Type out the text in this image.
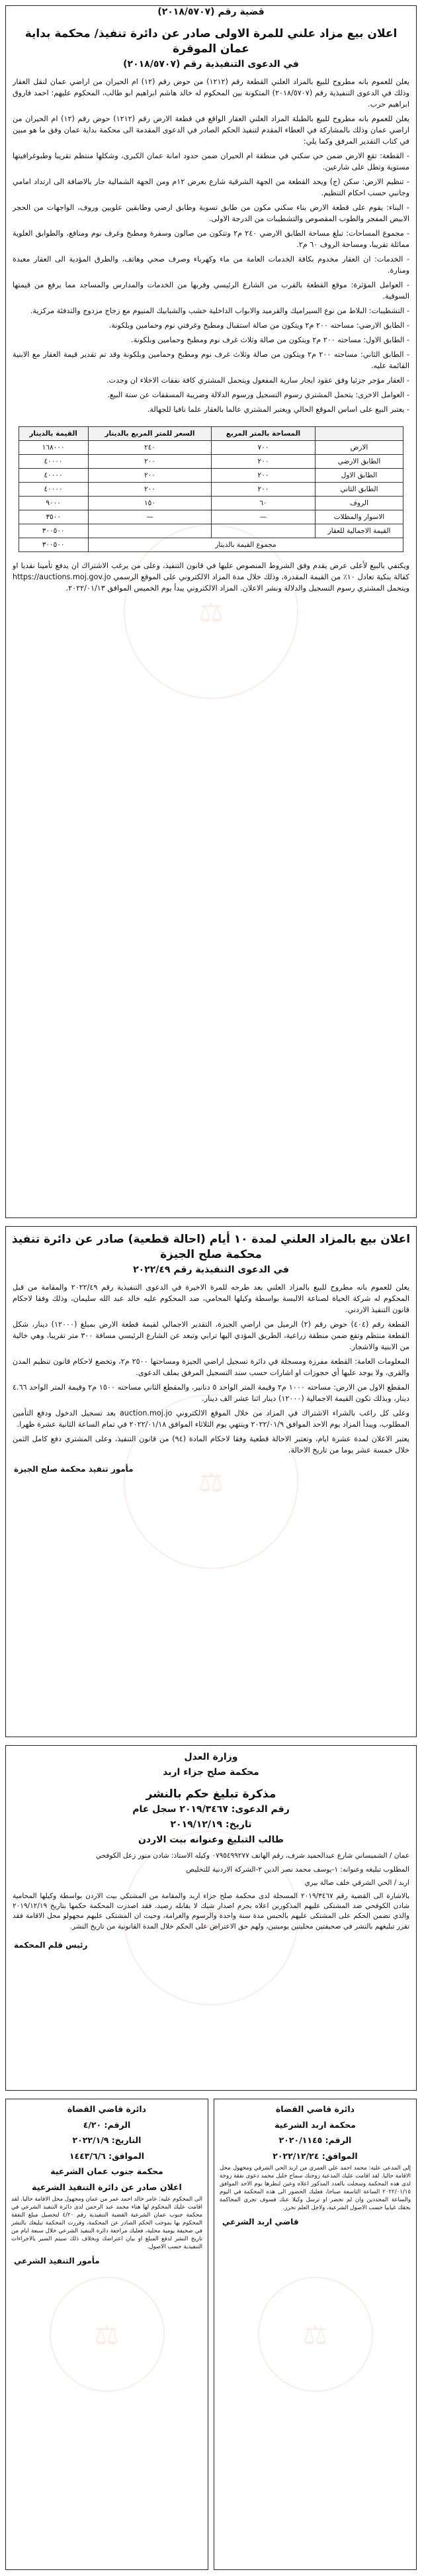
⚖
قضية رقم (٢٠١٨/٥٧٠٧)
اعلان بيع مزاد علني للمرة الاولى صادر عن دائرة تنفيذ/ محكمة بداية عمان الموقرة
في الدعوى التنفيذية رقم (٢٠١٨/٥٧٠٧)

يعلن للعموم بانه مطروح للبيع بالمزاد العلني القطعة رقم (١٢١٢) من حوض رقم (١٢) ام الحيران من اراضي عمان لنقل العقار وذلك في الدعوى التنفيذية رقم (٢٠١٨/٥٧٠٧) المتكونة بين المحكوم له خالد هاشم ابراهيم ابو طالب، المحكوم عليهم: احمد فاروق ابراهيم حرب.

يعلن للعموم بانه مطروح للبيع بالطبلة المزاد العلني العقار الواقع في قطعة الارض رقم (١٢١٢) حوض رقم (١٢) ام الحيران من اراضي عمان وذلك بالمشاركة في العطاء المقدم لتنفيذ الحكم الصادر في الدعوى المقدمة الى محكمة بداية عمان وفق ما هو مبين في كتاب التقدير المرفق وكما يلي:

- القطعة: تقع الارض ضمن حي سكني في منطقة ام الحيران ضمن حدود امانة عمان الكبرى، وشكلها منتظم تقريبا وطبوغرافيتها مستوية وتطل على شارعين.

- تنظيم الارض: سكن (ج) ويحد القطعة من الجهة الشرقية شارع بعرض ١٢م ومن الجهة الشمالية جار بالاضافة الى ارتداد امامي وجانبي حسب احكام التنظيم.

- البناء: يقوم على قطعة الارض بناء سكني مكون من طابق تسوية وطابق ارضي وطابقين علويين وروف، الواجهات من الحجر الابيض المفجر والطوب المقصوص والتشطيبات من الدرجة الاولى.

- مجموع المساحات: تبلغ مساحة الطابق الارضي ٢٤٠ م٢ وتتكون من صالون وسفرة ومطبخ وغرف نوم ومنافع، والطوابق العلوية مماثلة تقريبا، ومساحة الروف ٦٠ م٢.

- الخدمات: ان العقار مخدوم بكافة الخدمات العامة من ماء وكهرباء وصرف صحي وهاتف، والطرق المؤدية الى العقار معبدة ومنارة.

- العوامل المؤثرة: موقع القطعة بالقرب من الشارع الرئيسي وقربها من الخدمات والمدارس والمساجد مما يرفع من قيمتها السوقية.

- التشطيبات: البلاط من نوع السيراميك والقرميد والابواب الداخلية خشب والشبابيك المنيوم مع زجاج مزدوج والتدفئة مركزية.

- الطابق الارضي: مساحته ٢٠٠ م٢ ويتكون من صالة استقبال ومطبخ وغرفتي نوم وحمامين وبلكونة.

- الطابق الاول: مساحته ٢٠٠ م٢ ويتكون من صالة وثلاث غرف نوم ومطبخ وحمامين وبلكونة.

- الطابق الثاني: مساحته ٢٠٠ م٢ ويتكون من صالة وثلاث غرف نوم ومطبخ وحمامين وبلكونة وقد تم تقدير قيمة العقار مع الابنية القائمة عليه.

- العقار مؤجر جزئيا وفق عقود ايجار سارية المفعول ويتحمل المشتري كافة نفقات الاخلاء ان وجدت.

- العوامل الاخرى: يتحمل المشتري رسوم التسجيل ورسوم الدلالة وضريبة المسقفات عن سنة البيع.

- يعتبر البيع على اساس الموقع الحالي ويعتبر المشتري عالما بالعقار علما نافيا للجهالة.

	المساحة بالمتر المربع	السعر للمتر المربع بالدينار	القيمة بالدينار
الارض	٧٠٠	٢٤٠	١٦٨٠٠٠
الطابق الارضي	٢٠٠	٢٠٠	٤٠٠٠٠
الطابق الاول	٢٠٠	٢٠٠	٤٠٠٠٠
الطابق الثاني	٢٠٠	٢٠٠	٤٠٠٠٠
الروف	٦٠	١٥٠	٩٠٠٠
الاسوار والمظلات	—	—	٣٥٠٠
القيمة الاجمالية للعقار			٣٠٠٥٠٠
مجموع القيمة بالدينار			٣٠٠٥٠٠

ويكتفي بالبيع لأعلى عرض يقدم وفق الشروط المنصوص عليها في قانون التنفيذ، وعلى من يرغب الاشتراك ان يدفع تأمينا نقديا او كفالة بنكية تعادل ١٠٪ من القيمة المقدرة، وذلك خلال مدة المزاد الالكتروني على الموقع الرسمي https://auctions.moj.gov.jo ويتحمل المشتري رسوم التسجيل والدلالة ونشر الاعلان. المزاد الالكتروني يبدأ يوم الخميس الموافق ٢٠٢٢/٠١/١٣.

⚖
اعلان بيع بالمزاد العلني لمدة ١٠ أيام (احالة قطعية) صادر عن دائرة تنفيذ محكمة صلح الجيزة
في الدعوى التنفيذية رقم ٢٠٢٢/٤٩

يعلن للعموم بانه مطروح للبيع بالمزاد العلني بعد طرحه للمرة الاخيرة في الدعوى التنفيذية رقم ٢٠٢٢/٤٩ والمقامة من قبل المحكوم له شركة الحياة لصناعة الالبسة بواسطة وكيلها المحامي، ضد المحكوم عليه خالد عبد الله سليمان، وذلك وفقا لاحكام قانون التنفيذ الاردني.

القطعة رقم (٤٠٤) حوض رقم (٢) الرميل من اراضي الجيزة، التقدير الاجمالي لقيمة قطعة الارض بمبلغ (١٢٠٠٠) دينار، شكل القطعة منتظم وتقع ضمن منطقة زراعية، الطريق المؤدي اليها ترابي وتبعد عن الشارع الرئيسي مسافة ٣٠٠ متر تقريبا، وهي خالية من الابنية والاشجار.

المعلومات العامة: القطعة مفرزة ومسجلة في دائرة تسجيل اراضي الجيزة ومساحتها ٢٥٠٠ م٢، وتخضع لاحكام قانون تنظيم المدن والقرى، ولا يوجد عليها أي حجوزات او اشارات حسب سند التسجيل المرفق بملف الدعوى.

المقطع الاول من الارض: مساحته ١٠٠٠ م٢ وقيمة المتر الواحد ٥ دنانير، والمقطع الثاني مساحته ١٥٠٠ م٢ وقيمة المتر الواحد ٤.٦٦ دينار، وبذلك تكون القيمة الاجمالية (١٢٠٠٠) دينار اثنا عشر الف دينار.

وعلى كل راغب بالشراء الاشتراك في المزاد من خلال الموقع الالكتروني auction.moj.jo بعد تسجيل الدخول ودفع التأمين المطلوب، ويبدأ المزاد يوم الاحد الموافق ٢٠٢٢/٠١/٩ وينتهي يوم الثلاثاء الموافق ٢٠٢٢/٠١/١٨ في تمام الساعة الثانية عشرة ظهرا.

يعتبر الاعلان لمدة عشرة ايام، وتعتبر الاحالة قطعية وفقا لاحكام المادة (٩٤) من قانون التنفيذ، وعلى المشتري دفع كامل الثمن خلال خمسة عشر يوما من تاريخ الاحالة.

مأمور تنفيذ محكمة صلح الجيزة
⚖
وزارة العدل
محكمة صلح جزاء اربد
مذكرة تبليغ حكم بالنشر
رقم الدعوى: ٢٠١٩/٣٤٦٧ سجل عام
تاريخ: ٢٠١٩/١٢/١٩
طالب التبليغ وعنوانه بيت الاردن

عمان / الشميساني شارع عبدالحميد شرف، رقم الهاتف ٠٧٩٥٤٩٩٢٧٧ وكيله الاستاذ: شادن منور زعل الكوفحي

المطلوب تبليغه وعنوانه: ١-يوسف محمد نصر الدين ٢-الشركة الاردنية للتخليص

اربد / الحي الشرقي خلف صالة بيري

بالاشارة الى القضية رقم ٢٠١٩/٣٤٦٧ المسجلة لدى محكمة صلح جزاء اربد والمقامة من المشتكي بيت الاردن بواسطة وكيلها المحامية شادن الكوفحي ضد المشتكى عليهم المذكورين اعلاه بجرم اصدار شيك لا يقابله رصيد، فقد اصدرت المحكمة حكمها بتاريخ ٢٠١٩/١٢/١٩ والذي تضمن الحكم على المشتكى عليهم بالحبس مدة سنة واحدة والرسوم والغرامة، وحيث ان المشتكى عليهم مجهولو محل الاقامة فقد تقرر تبليغهم بالنشر في صحيفتين محليتين يوميتين، ولهم حق الاعتراض على الحكم خلال المدة القانونية من تاريخ النشر.

رئيس قلم المحكمة
⚖
دائرة قاضي القضاة
محكمة اربد الشرعية
الرقم: ٢٠٢٠/١١٤٥
الموافق: ٢٠٢٢/١٢/٢٤
إلى المدعى عليه: محمد احمد علي العمري من اربد الحي الشرقي ومجهول محل الاقامة حاليا. لقد اقامت عليك المدعية زوجتك سماح خليل محمد دعوى نفقة زوجة لدى هذه المحكمة وسجلت بالعدد المذكور اعلاه وعين لنظرها يوم الاحد الموافق ٢٠٢٢/٠١/١٥ الساعة التاسعة صباحا، فعليك الحضور الى هذه المحكمة في اليوم والساعة المحددين وان لم تحضر او ترسل وكيلا عنك فسوف تجري المحاكمة بحقك غيابيا حسب الاصول الشرعية، ولاجل العلم تحرر.
قاضي اربد الشرعي
⚖
دائرة قاضي القضاة
الرقم: ٤/٢٠
التاريخ: ٢٠٢٢/١/٩
الموافق: ١٤٤٣/٦/٦
محكمة جنوب عمان الشرعية
اعلان صادر عن دائرة التنفيذ الشرعية
الى المحكوم عليه: عامر خالد احمد عمر من عمان ومجهول محل الاقامة حاليا. لقد اقامت عليك المحكوم لها هناء محمد عبد الرحمن لدى دائرة التنفيذ الشرعي في محكمة جنوب عمان الشرعية القضية التنفيذية رقم ٤/٢٠ لتحصيل مبلغ النفقة المحكوم بها بموجب الحكم الصادر عن المحكمة، وقررت المحكمة تبليغك بالنشر في صحيفة يومية محلية، فعليك مراجعة دائرة التنفيذ الشرعي خلال سبعة ايام من تاريخ النشر لدفع المبلغ او بيان اعتراضك وبخلاف ذلك سيتم السير بالاجراءات التنفيذية حسب الاصول.
مأمور التنفيذ الشرعي
